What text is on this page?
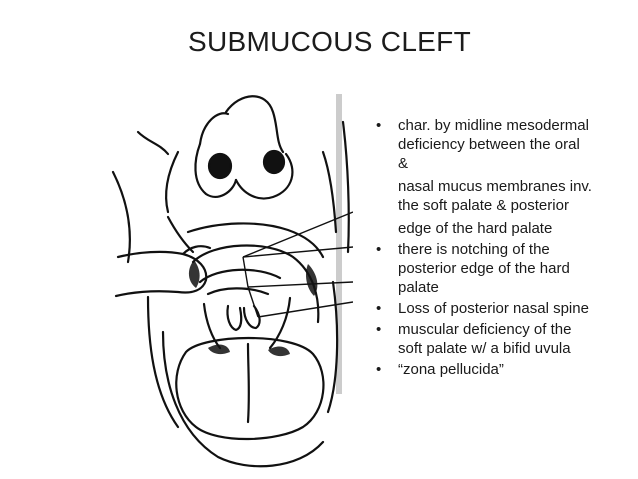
SUBMUCOUS CLEFT
• char. by midline mesodermal
deficiency between the oral
&
nasal mucus membranes inv.
the soft palate & posterior
edge of the hard palate
• there is notching of the
posterior edge of the hard
palate
• Loss of posterior nasal spine
• muscular deficiency of the
soft palate w/ a bifid uvula
• “zona pellucida”
